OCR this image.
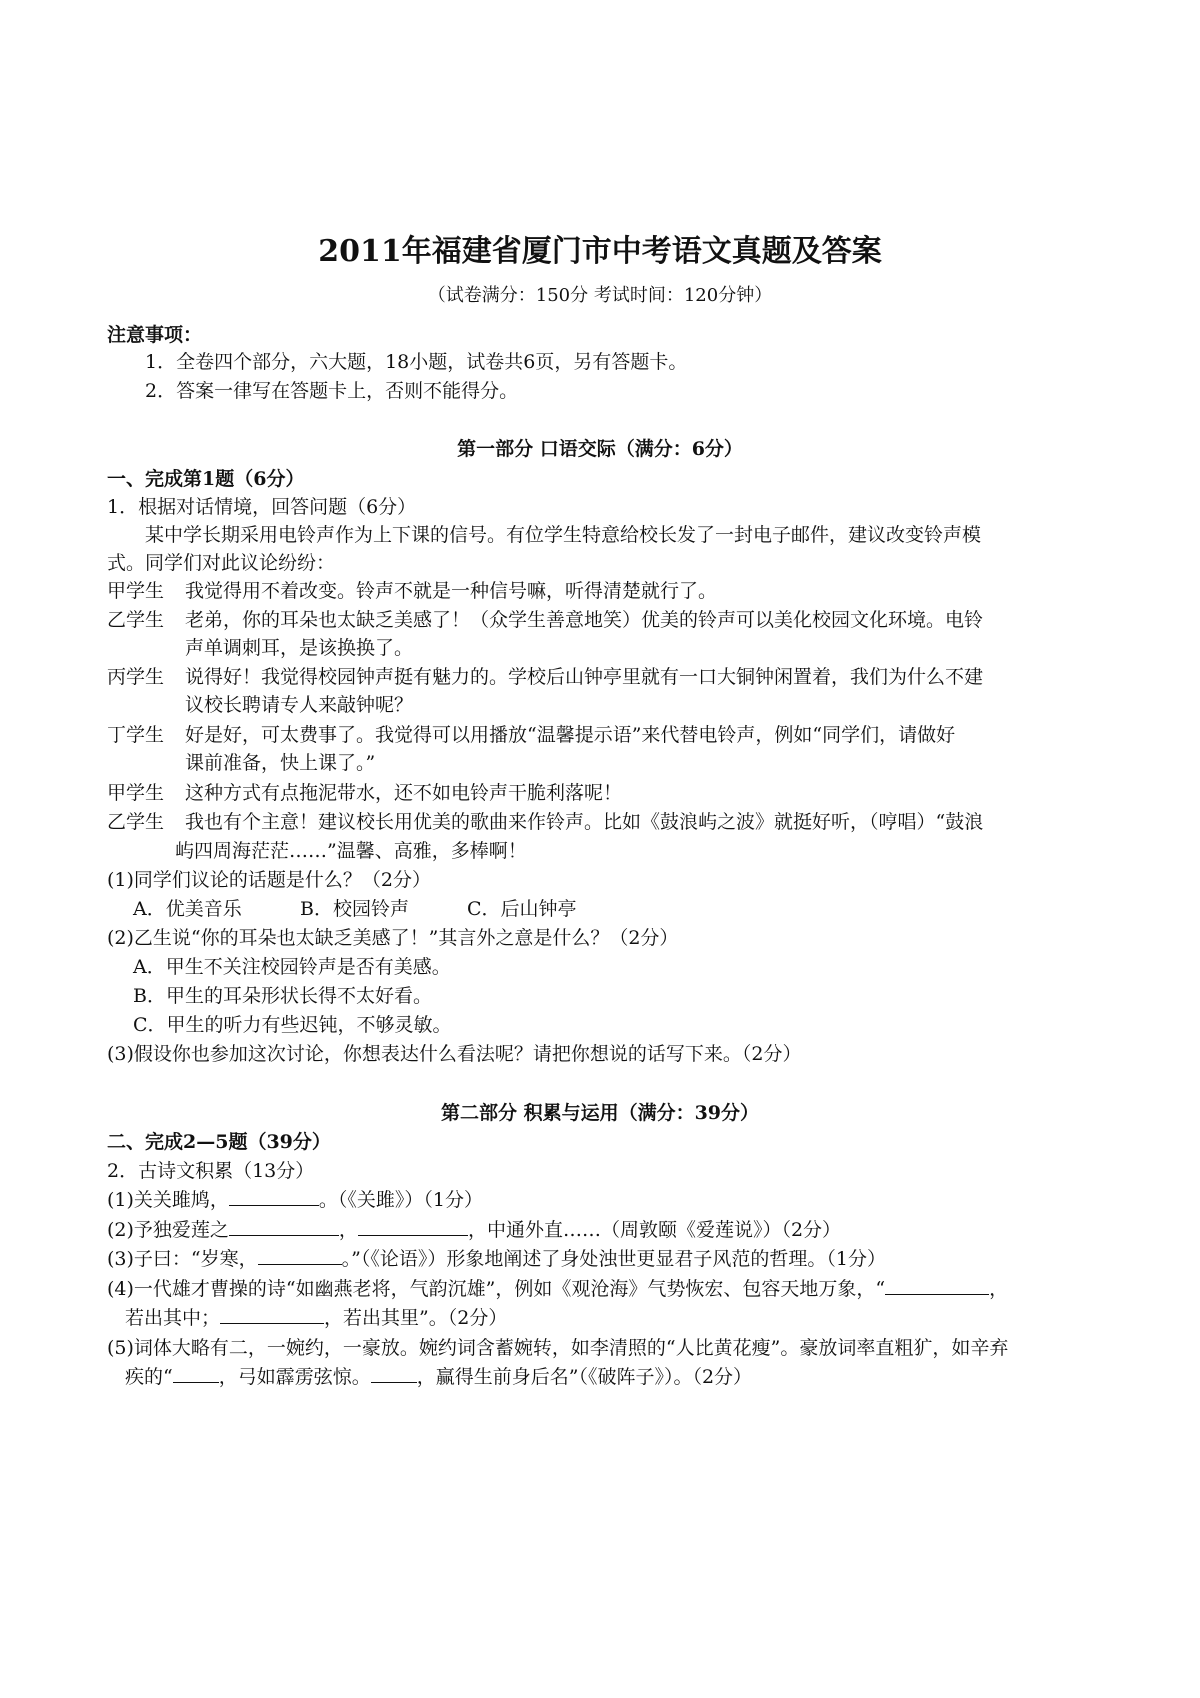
2011年福建省厦门市中考语文真题及答案
（试卷满分：150分 考试时间：120分钟）
注意事项：
1．全卷四个部分，六大题，18小题，试卷共6页，另有答题卡。
2．答案一律写在答题卡上，否则不能得分。
第一部分 口语交际（满分：6分）
一、完成第1题（6分）
1．根据对话情境，回答问题（6分）
某中学长期采用电铃声作为上下课的信号。有位学生特意给校长发了一封电子邮件，建议改变铃声模
式。同学们对此议论纷纷：
甲学生 我觉得用不着改变。铃声不就是一种信号嘛，听得清楚就行了。
乙学生 老弟，你的耳朵也太缺乏美感了！（众学生善意地笑）优美的铃声可以美化校园文化环境。电铃
声单调刺耳，是该换换了。
丙学生 说得好！我觉得校园钟声挺有魅力的。学校后山钟亭里就有一口大铜钟闲置着，我们为什么不建
议校长聘请专人来敲钟呢？
丁学生 好是好，可太费事了。我觉得可以用播放“温馨提示语”来代替电铃声，例如“同学们，请做好
课前准备，快上课了。”
甲学生 这种方式有点拖泥带水，还不如电铃声干脆利落呢！
乙学生 我也有个主意！建议校长用优美的歌曲来作铃声。比如《鼓浪屿之波》就挺好听，（哼唱）“鼓浪
屿四周海茫茫……”温馨、高雅，多棒啊！
(1)同学们议论的话题是什么？（2分）
A．优美音乐	B．校园铃声	C．后山钟亭
(2)乙生说“你的耳朵也太缺乏美感了！”其言外之意是什么？（2分）
A．甲生不关注校园铃声是否有美感。
B．甲生的耳朵形状长得不太好看。
C．甲生的听力有些迟钝，不够灵敏。
(3)假设你也参加这次讨论，你想表达什么看法呢？请把你想说的话写下来。（2分）
第二部分 积累与运用（满分：39分）
二、完成2—5题（39分）
2．古诗文积累（13分）
(1)关关雎鸠，	。（《关雎》）（1分）
(2)予独爱莲之	，	，中通外直……（周敦颐《爱莲说》）（2分）
(3)子曰：“岁寒，	。”（《论语》）形象地阐述了身处浊世更显君子风范的哲理。（1分）
(4)一代雄才曹操的诗“如幽燕老将，气韵沉雄”，例如《观沧海》气势恢宏、包容天地万象，“	，
若出其中；	，若出其里”。（2分）
(5)词体大略有二，一婉约，一豪放。婉约词含蓄婉转，如李清照的“人比黄花瘦”。豪放词率直粗犷，如辛弃
疾的“ ，弓如霹雳弦惊。 ，赢得生前身后名”（《破阵子》）。（2分）
